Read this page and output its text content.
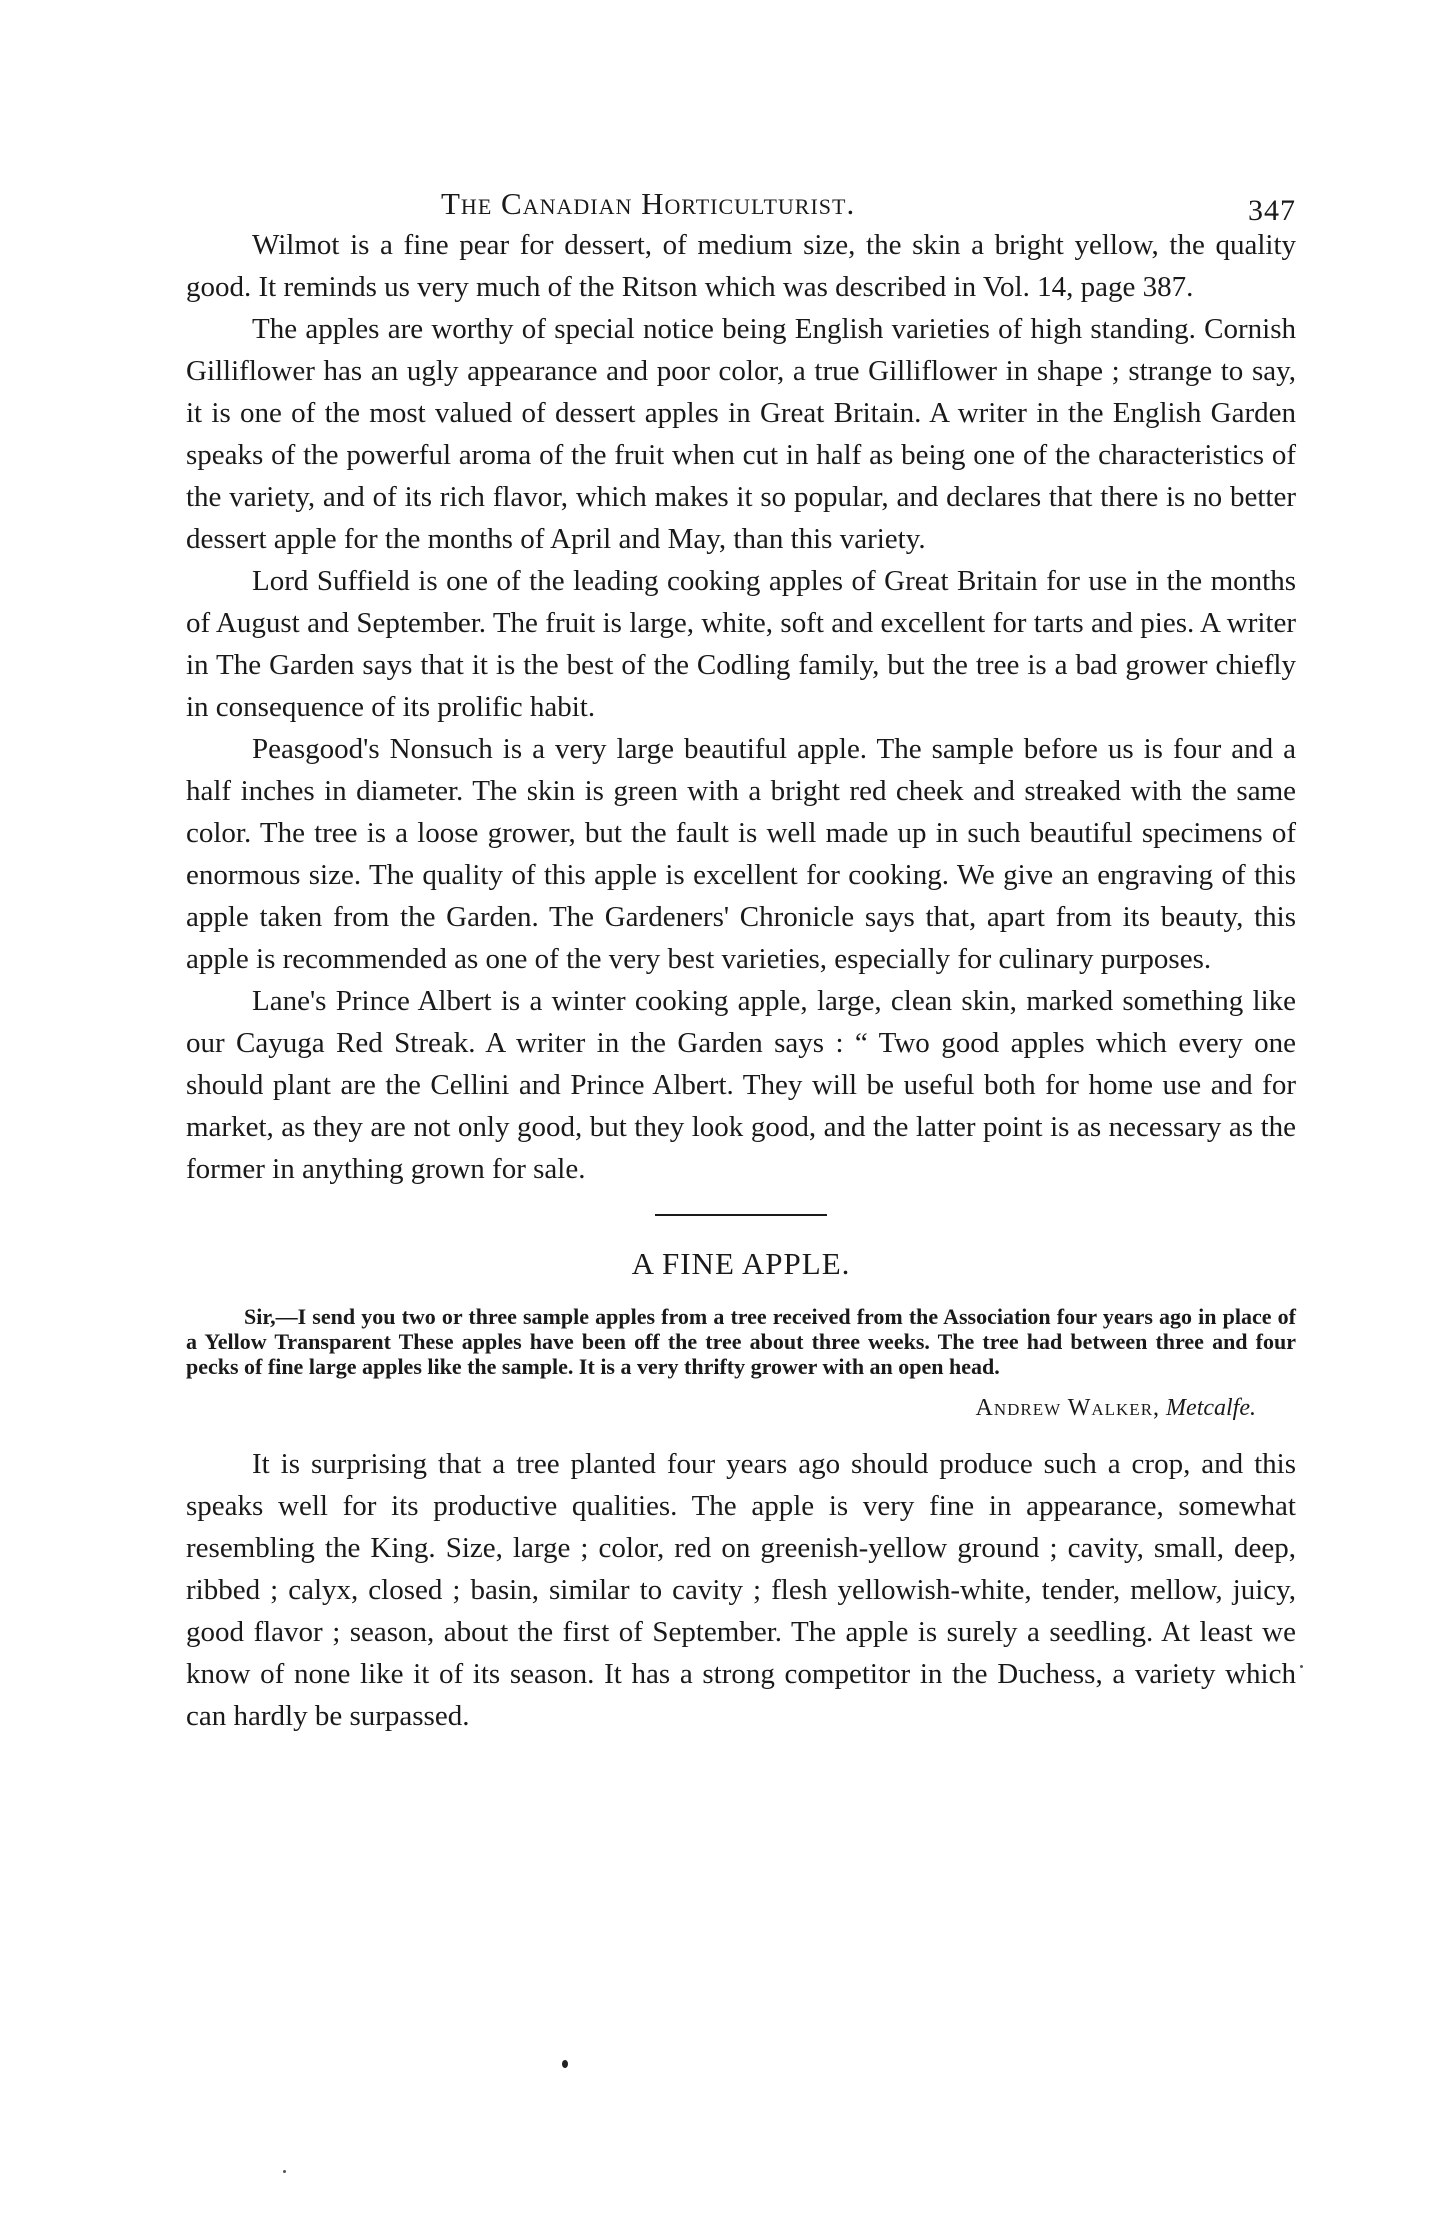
The Canadian Horticulturist.	347

Wilmot is a fine pear for dessert, of medium size, the skin a bright yellow, the quality good. It reminds us very much of the Ritson which was described in Vol. 14, page 387.

The apples are worthy of special notice being English varieties of high standing. Cornish Gilliflower has an ugly appearance and poor color, a true Gilliflower in shape ; strange to say, it is one of the most valued of dessert apples in Great Britain. A writer in the English Garden speaks of the powerful aroma of the fruit when cut in half as being one of the characteristics of the variety, and of its rich flavor, which makes it so popular, and declares that there is no better dessert apple for the months of April and May, than this variety.

Lord Suffield is one of the leading cooking apples of Great Britain for use in the months of August and September. The fruit is large, white, soft and excellent for tarts and pies. A writer in The Garden says that it is the best of the Codling family, but the tree is a bad grower chiefly in consequence of its prolific habit.

Peasgood's Nonsuch is a very large beautiful apple. The sample before us is four and a half inches in diameter. The skin is green with a bright red cheek and streaked with the same color. The tree is a loose grower, but the fault is well made up in such beautiful specimens of enormous size. The quality of this apple is excellent for cooking. We give an engraving of this apple taken from the Garden. The Gardeners' Chronicle says that, apart from its beauty, this apple is recommended as one of the very best varieties, especially for culinary purposes.

Lane's Prince Albert is a winter cooking apple, large, clean skin, marked something like our Cayuga Red Streak. A writer in the Garden says : “ Two good apples which every one should plant are the Cellini and Prince Albert. They will be useful both for home use and for market, as they are not only good, but they look good, and the latter point is as necessary as the former in anything grown for sale.

A FINE APPLE.

Sir,—I send you two or three sample apples from a tree received from the Association four years ago in place of a Yellow Transparent These apples have been off the tree about three weeks. The tree had between three and four pecks of fine large apples like the sample. It is a very thrifty grower with an open head.

Andrew Walker, Metcalfe.

It is surprising that a tree planted four years ago should produce such a crop, and this speaks well for its productive qualities. The apple is very fine in appearance, somewhat resembling the King. Size, large ; color, red on greenish-yellow ground ; cavity, small, deep, ribbed ; calyx, closed ; basin, similar to cavity ; flesh yellowish-white, tender, mellow, juicy, good flavor ; season, about the first of September. The apple is surely a seedling. At least we know of none like it of its season. It has a strong competitor in the Duchess, a variety which can hardly be surpassed.
